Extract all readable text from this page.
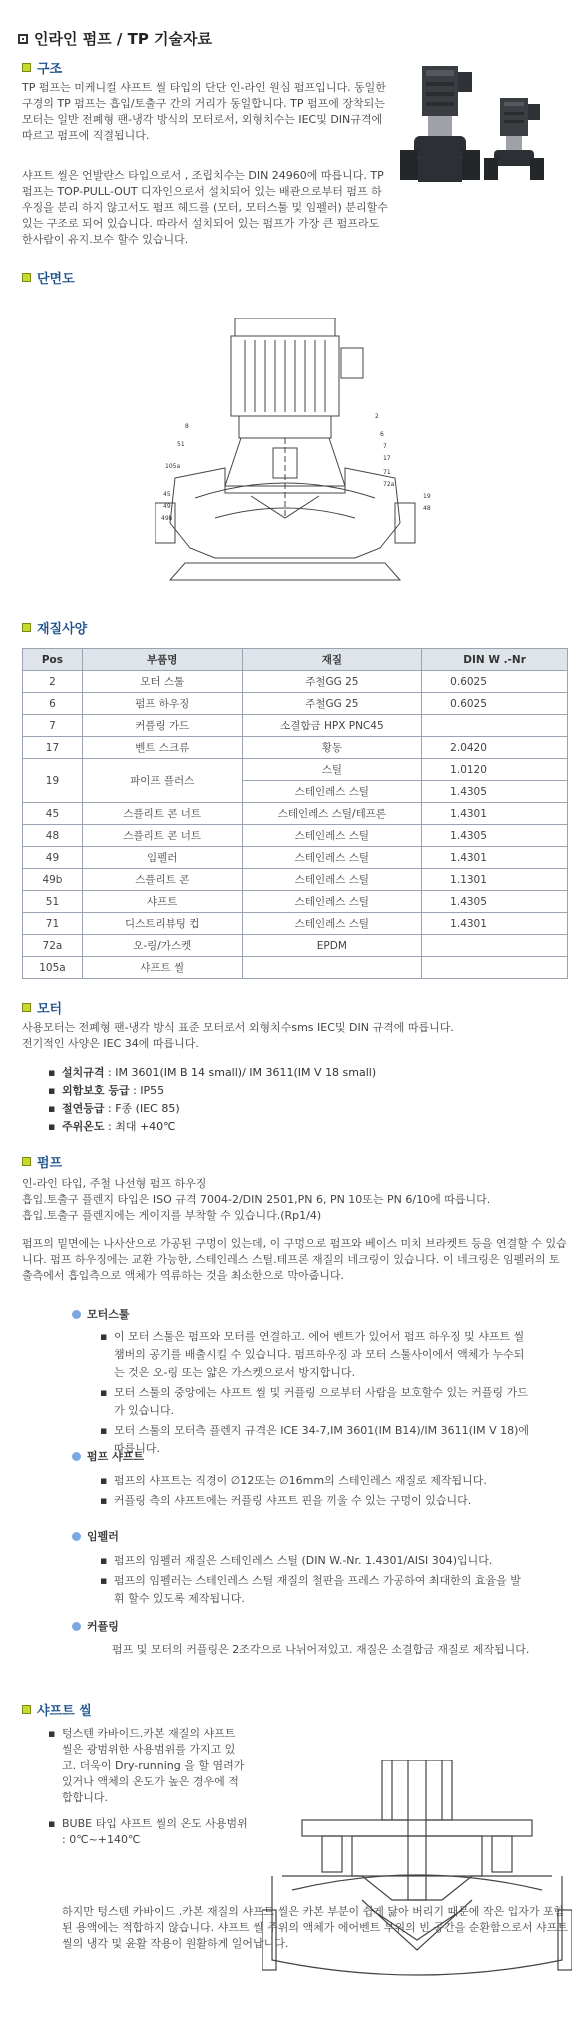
인라인 펌프 / TP 기술자료
구조

TP 펌프는 미케니컬 샤프트 씰 타입의 단단 인-라인 원심 펌프입니다. 동일한 구경의 TP 펌프는 흡입/토출구 간의 거리가 동일합니다. TP 펌프에 장착되는 모터는 일반 전폐형 팬-냉각 방식의 모터로서, 외형치수는 IEC및 DIN규격에 따르고 펌프에 직결됩니다.

샤프트 씰은 언발란스 타입으로서 , 조립치수는 DIN 24960에 따릅니다. TP 펌프는 TOP-PULL-OUT 디자인으로서 설치되어 있는 배관으로부터 펌프 하우징을 분리 하지 않고서도 펌프 헤드를 (모터, 모터스툴 및 임펠러) 분리할수 있는 구조로 되어 있습니다. 따라서 설치되어 있는 펌프가 가장 큰 펌프라도 한사람이 유지.보수 할수 있습니다.

단면도
2
6
7
8
17
19
45
48
49
49b
51
71
72a
105a
재질사양
Pos	부품명	재질	DIN W .-Nr
2	모터 스툴	주철GG 25	0.6025
6	펌프 하우징	주철GG 25	0.6025
7	커플링 가드	소결합금 HPX PNC45	
17	벤트 스크류	황동	2.0420
19	파이프 플러스	스틸	1.0120
		스테인레스 스틸	1.4305
45	스플리트 콘 너트	스테인레스 스틸/테프론	1.4301
48	스플리트 콘 너트	스테인레스 스틸	1.4305
49	임펠러	스테인레스 스틸	1.4301
49b	스플리트 콘	스테인레스 스틸	1.1301
51	샤프트	스테인레스 스틸	1.4305
71	디스트리뷰팅 컵	스테인레스 스틸	1.4301
72a	오-링/가스켓	EPDM	
105a	샤프트 씰		
모터

사용모터는 전폐형 팬-냉각 방식 표준 모터로서 외형치수sms IEC및 DIN 규격에 따릅니다.

전기적인 사양은 IEC 34에 따릅니다.

▪ 설치규격 : IM 3601(IM B 14 small)/ IM 3611(IM V 18 small)
▪ 외함보호 등급 : IP55
▪ 절연등급 : F종 (IEC 85)
▪ 주위온도 : 최대 +40℃
펌프

인-라인 타입, 주철 나선형 펌프 하우징

흡입.토출구 플렌지 타입은 ISO 규격 7004-2/DIN 2501,PN 6, PN 10또는 PN 6/10에 따릅니다.

흡입.토출구 플렌지에는 게이지를 부착할 수 있습니다.(Rp1/4)

펌프의 밑면에는 나사산으로 가공된 구멍이 있는데, 이 구멍으로 펌프와 베이스 미치 브라켓트 등을 연결할 수 있습니다. 펌프 하우징에는 교환 가능한, 스테인레스 스틸.테프론 재질의 네크링이 있습니다. 이 네크링은 임펠러의 토출측에서 흡입측으로 액체가 역류하는 것을 최소한으로 막아줍니다.

모터스툴
▪ 이 모터 스툴은 펌프와 모터를 연결하고. 에어 벤트가 있어서 펌프 하우징 및 샤프트 씰 챔버의 공기를 배출시킬 수 있습니다. 펌프하우징 과 모터 스툴사이에서 액체가 누수되는 것은 오-링 또는 얇은 가스켓으로서 방지합니다.
▪ 모터 스툴의 중앙에는 샤프트 씰 및 커플링 으로부터 사람을 보호할수 있는 커플링 가드가 있습니다.
▪ 모터 스툴의 모터측 플렌지 규격은 ICE 34-7,IM 3601(IM B14)/IM 3611(IM V 18)에 따릅니다.
펌프 샤프트
▪ 펌프의 샤프트는 직경이 ∅12또는 ∅16mm의 스테인레스 재질로 제작됩니다.
▪ 커플링 측의 샤프트에는 커플링 샤프트 핀을 끼울 수 있는 구멍이 있습니다.
임펠러
▪ 펌프의 임펠러 재질은 스테인레스 스틸 (DIN W.-Nr. 1.4301/AISI 304)입니다.
▪ 펌프의 임펠러는 스테인레스 스틸 재질의 철판을 프레스 가공하여 최대한의 효율을 발휘 할수 있도록 제작됩니다.
커플링

펌프 및 모터의 커플링은 2조각으로 나뉘어져있고. 재질은 소결합금 재질로 제작됩니다.

샤프트 씰
▪ 텅스텐 카바이드.카본 재질의 샤프트 씰은 광범위한 사용범위를 가지고 있고. 더욱이 Dry-running 을 할 염려가 있거나 액체의 온도가 높은 경우에 적합합니다.
▪ BUBE 타입 샤프트 씰의 온도 사용범위 : 0℃~+140℃

하지만 텅스텐 카바이드 .카본 재질의 샤프트 씰은 카본 부분이 쉽게 닳아 버리기 때문에 작은 입자가 포함된 용액에는 적합하지 않습니다. 샤프트 씰 주위의 액체가 에어벤트 부위의 빈 공간을 순환함으로서 샤프트 씰의 냉각 및 윤활 작용이 원활하게 일어납니다.
